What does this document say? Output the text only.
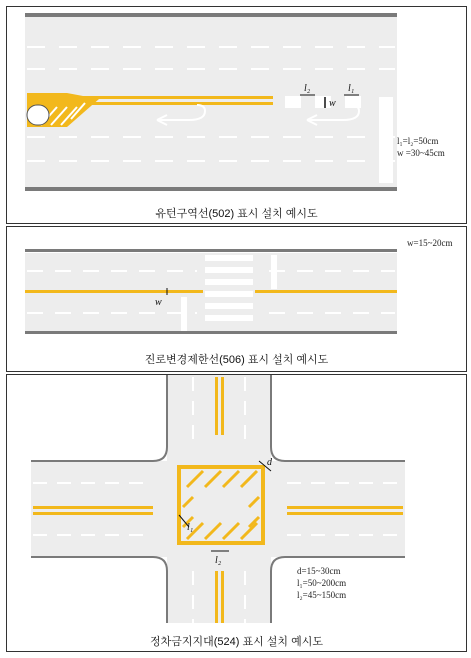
l₂	l₁
w
l₁=l₂=50cm
w =30~45cm
유턴구역선(502) 표시 설치 예시도
w
w=15~20cm
진로변경제한선(506) 표시 설치 예시도
d
l₁
l₂
d=15~30cm
l₁=50~200cm
l₂=45~150cm
정차금지지대(524) 표시 설치 예시도
